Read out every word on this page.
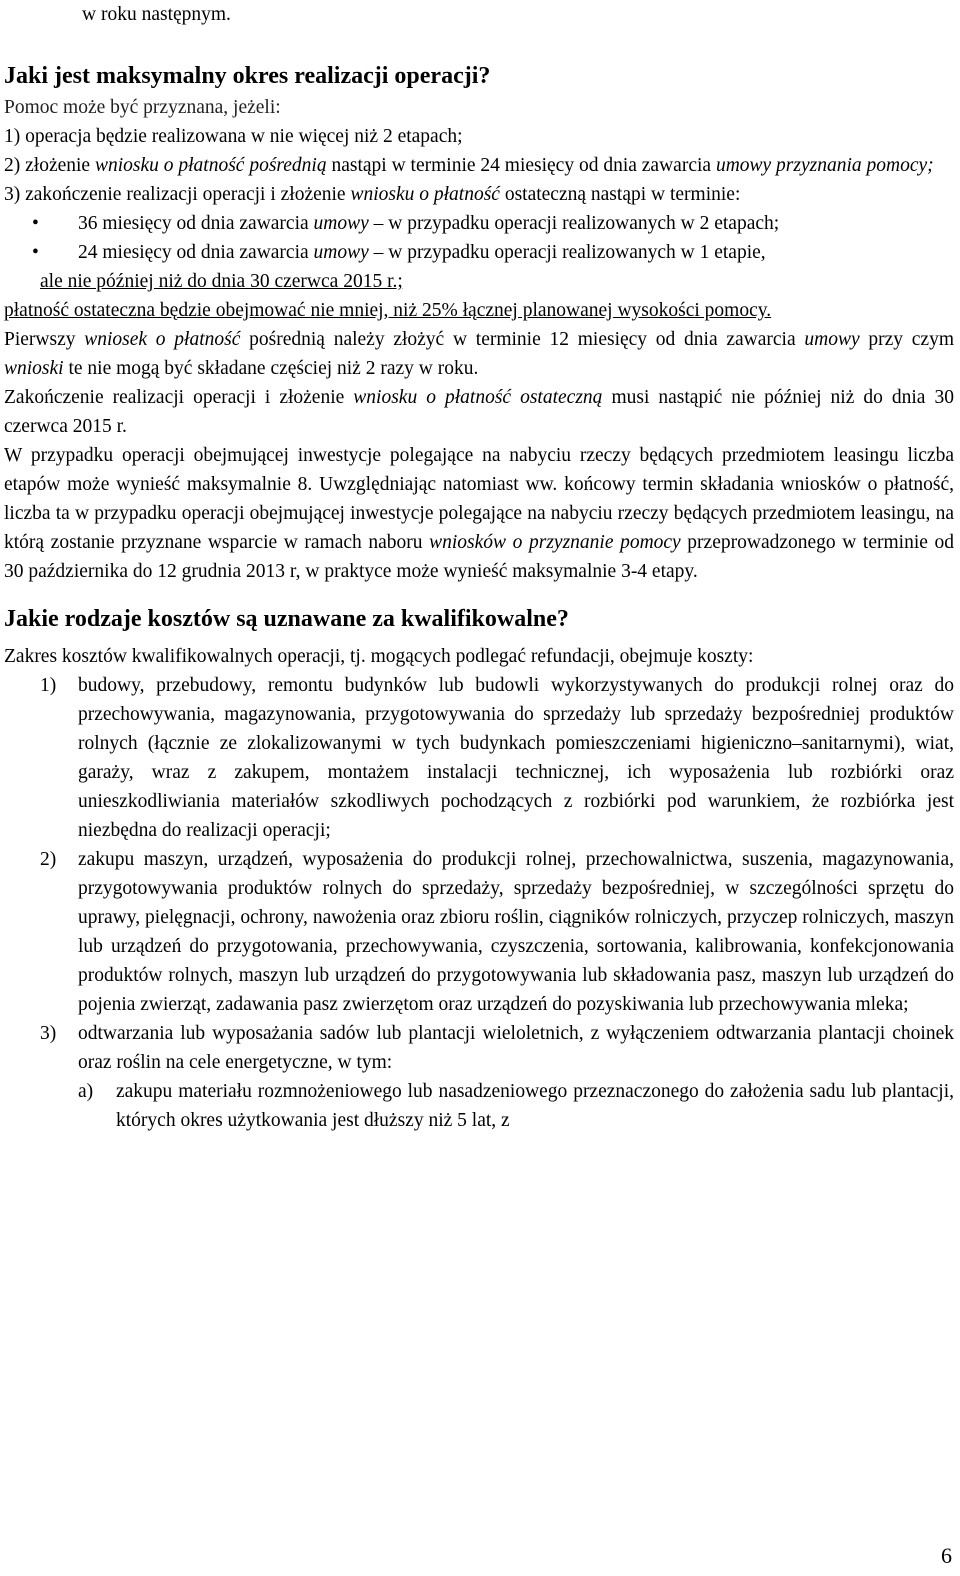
w roku następnym.

Jaki jest maksymalny okres realizacji operacji?

Pomoc może być przyznana, jeżeli:

1) operacja będzie realizowana w nie więcej niż 2 etapach;

2) złożenie wniosku o płatność pośrednią nastąpi w terminie 24 miesięcy od dnia zawarcia umowy przyznania pomocy;

3) zakończenie realizacji operacji i złożenie wniosku o płatność ostateczną nastąpi w terminie:

• 36 miesięcy od dnia zawarcia umowy – w przypadku operacji realizowanych w 2 etapach;
• 24 miesięcy od dnia zawarcia umowy – w przypadku operacji realizowanych w 1 etapie,

ale nie później niż do dnia 30 czerwca 2015 r.;

płatność ostateczna będzie obejmować nie mniej, niż 25% łącznej planowanej wysokości pomocy.

Pierwszy wniosek o płatność pośrednią należy złożyć w terminie 12 miesięcy od dnia zawarcia umowy przy czym wnioski te nie mogą być składane częściej niż 2 razy w roku.

Zakończenie realizacji operacji i złożenie wniosku o płatność ostateczną musi nastąpić nie później niż do dnia 30 czerwca 2015 r.

W przypadku operacji obejmującej inwestycje polegające na nabyciu rzeczy będących przedmiotem leasingu liczba etapów może wynieść maksymalnie 8. Uwzględniając natomiast ww. końcowy termin składania wniosków o płatność, liczba ta w przypadku operacji obejmującej inwestycje polegające na nabyciu rzeczy będących przedmiotem leasingu, na którą zostanie przyznane wsparcie w ramach naboru wniosków o przyznanie pomocy przeprowadzonego w terminie od 30 października do 12 grudnia 2013 r, w praktyce może wynieść maksymalnie 3-4 etapy.

Jakie rodzaje kosztów są uznawane za kwalifikowalne?

Zakres kosztów kwalifikowalnych operacji, tj. mogących podlegać refundacji, obejmuje koszty:

1) budowy, przebudowy, remontu budynków lub budowli wykorzystywanych do produkcji rolnej oraz do przechowywania, magazynowania, przygotowywania do sprzedaży lub sprzedaży bezpośredniej produktów rolnych (łącznie ze zlokalizowanymi w tych budynkach pomieszczeniami higieniczno–sanitarnymi), wiat, garaży, wraz z zakupem, montażem instalacji technicznej, ich wyposażenia lub rozbiórki oraz unieszkodliwiania materiałów szkodliwych pochodzących z rozbiórki pod warunkiem, że rozbiórka jest niezbędna do realizacji operacji;
2) zakupu maszyn, urządzeń, wyposażenia do produkcji rolnej, przechowalnictwa, suszenia, magazynowania, przygotowywania produktów rolnych do sprzedaży, sprzedaży bezpośredniej, w szczególności sprzętu do uprawy, pielęgnacji, ochrony, nawożenia oraz zbioru roślin, ciągników rolniczych, przyczep rolniczych, maszyn lub urządzeń do przygotowania, przechowywania, czyszczenia, sortowania, kalibrowania, konfekcjonowania produktów rolnych, maszyn lub urządzeń do przygotowywania lub składowania pasz, maszyn lub urządzeń do pojenia zwierząt, zadawania pasz zwierzętom oraz urządzeń do pozyskiwania lub przechowywania mleka;
3) odtwarzania lub wyposażania sadów lub plantacji wieloletnich, z wyłączeniem odtwarzania plantacji choinek oraz roślin na cele energetyczne, w tym:
a) zakupu materiału rozmnożeniowego lub nasadzeniowego przeznaczonego do założenia sadu lub plantacji, których okres użytkowania jest dłuższy niż 5 lat, z
6
